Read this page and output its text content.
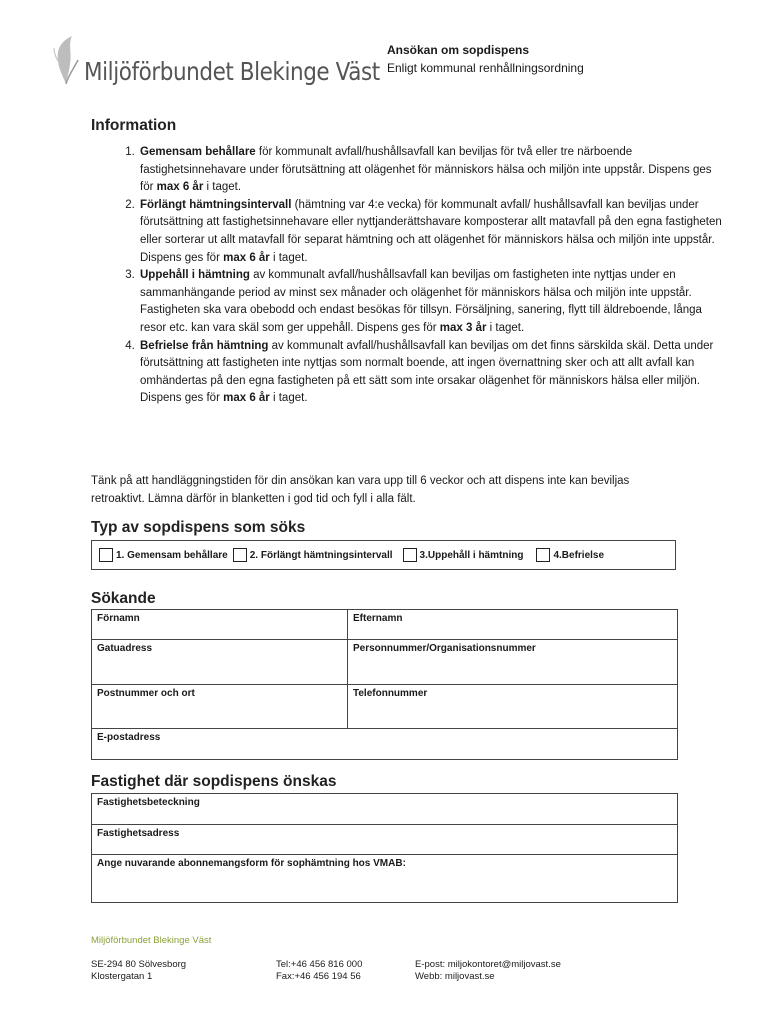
Miljöförbundet Blekinge Väst
Ansökan om sopdispens
Enligt kommunal renhållningsordning
Information
1. Gemensam behållare för kommunalt avfall/hushållsavfall kan beviljas för två eller tre närboende fastighetsinnehavare under förutsättning att olägenhet för människors hälsa och miljön inte uppstår. Dispens ges för max 6 år i taget.
2. Förlängt hämtningsintervall (hämtning var 4:e vecka) för kommunalt avfall/ hushållsavfall kan beviljas under förutsättning att fastighetsinnehavare eller nyttjanderättshavare komposterar allt matavfall på den egna fastigheten eller sorterar ut allt matavfall för separat hämtning och att olägenhet för människors hälsa och miljön inte uppstår. Dispens ges för max 6 år i taget.
3. Uppehåll i hämtning av kommunalt avfall/hushållsavfall kan beviljas om fastigheten inte nyttjas under en sammanhängande period av minst sex månader och olägenhet för människors hälsa och miljön inte uppstår. Fastigheten ska vara obebodd och endast besökas för tillsyn. Försäljning, sanering, flytt till äldreboende, långa resor etc. kan vara skäl som ger uppehåll. Dispens ges för max 3 år i taget.
4. Befrielse från hämtning av kommunalt avfall/hushållsavfall kan beviljas om det finns särskilda skäl. Detta under förutsättning att fastigheten inte nyttjas som normalt boende, att ingen övernattning sker och att allt avfall kan omhändertas på den egna fastigheten på ett sätt som inte orsakar olägenhet för människors hälsa eller miljön. Dispens ges för max 6 år i taget.

Tänk på att handläggningstiden för din ansökan kan vara upp till 6 veckor och att dispens inte kan beviljas retroaktivt. Lämna därför in blanketten i god tid och fyll i alla fält.

Typ av sopdispens som söks
1. Gemensam behållare 2. Förlängt hämtningsintervall	3.Uppehåll i hämtning	4.Befrielse
Sökande
Förnamn	Efternamn
Gatuadress	Personnummer/Organisationsnummer
Postnummer och ort	Telefonnummer
E-postadress	
Fastighet där sopdispens önskas
Fastighetsbeteckning
Fastighetsadress
Ange nuvarande abonnemangsform för sophämtning hos VMAB:
Miljöförbundet Blekinge Väst
SE-294 80 Sölvesborg
Klostergatan 1
Tel:+46 456 816 000
Fax:+46 456 194 56
E-post: miljokontoret@miljovast.se
Webb: miljovast.se
